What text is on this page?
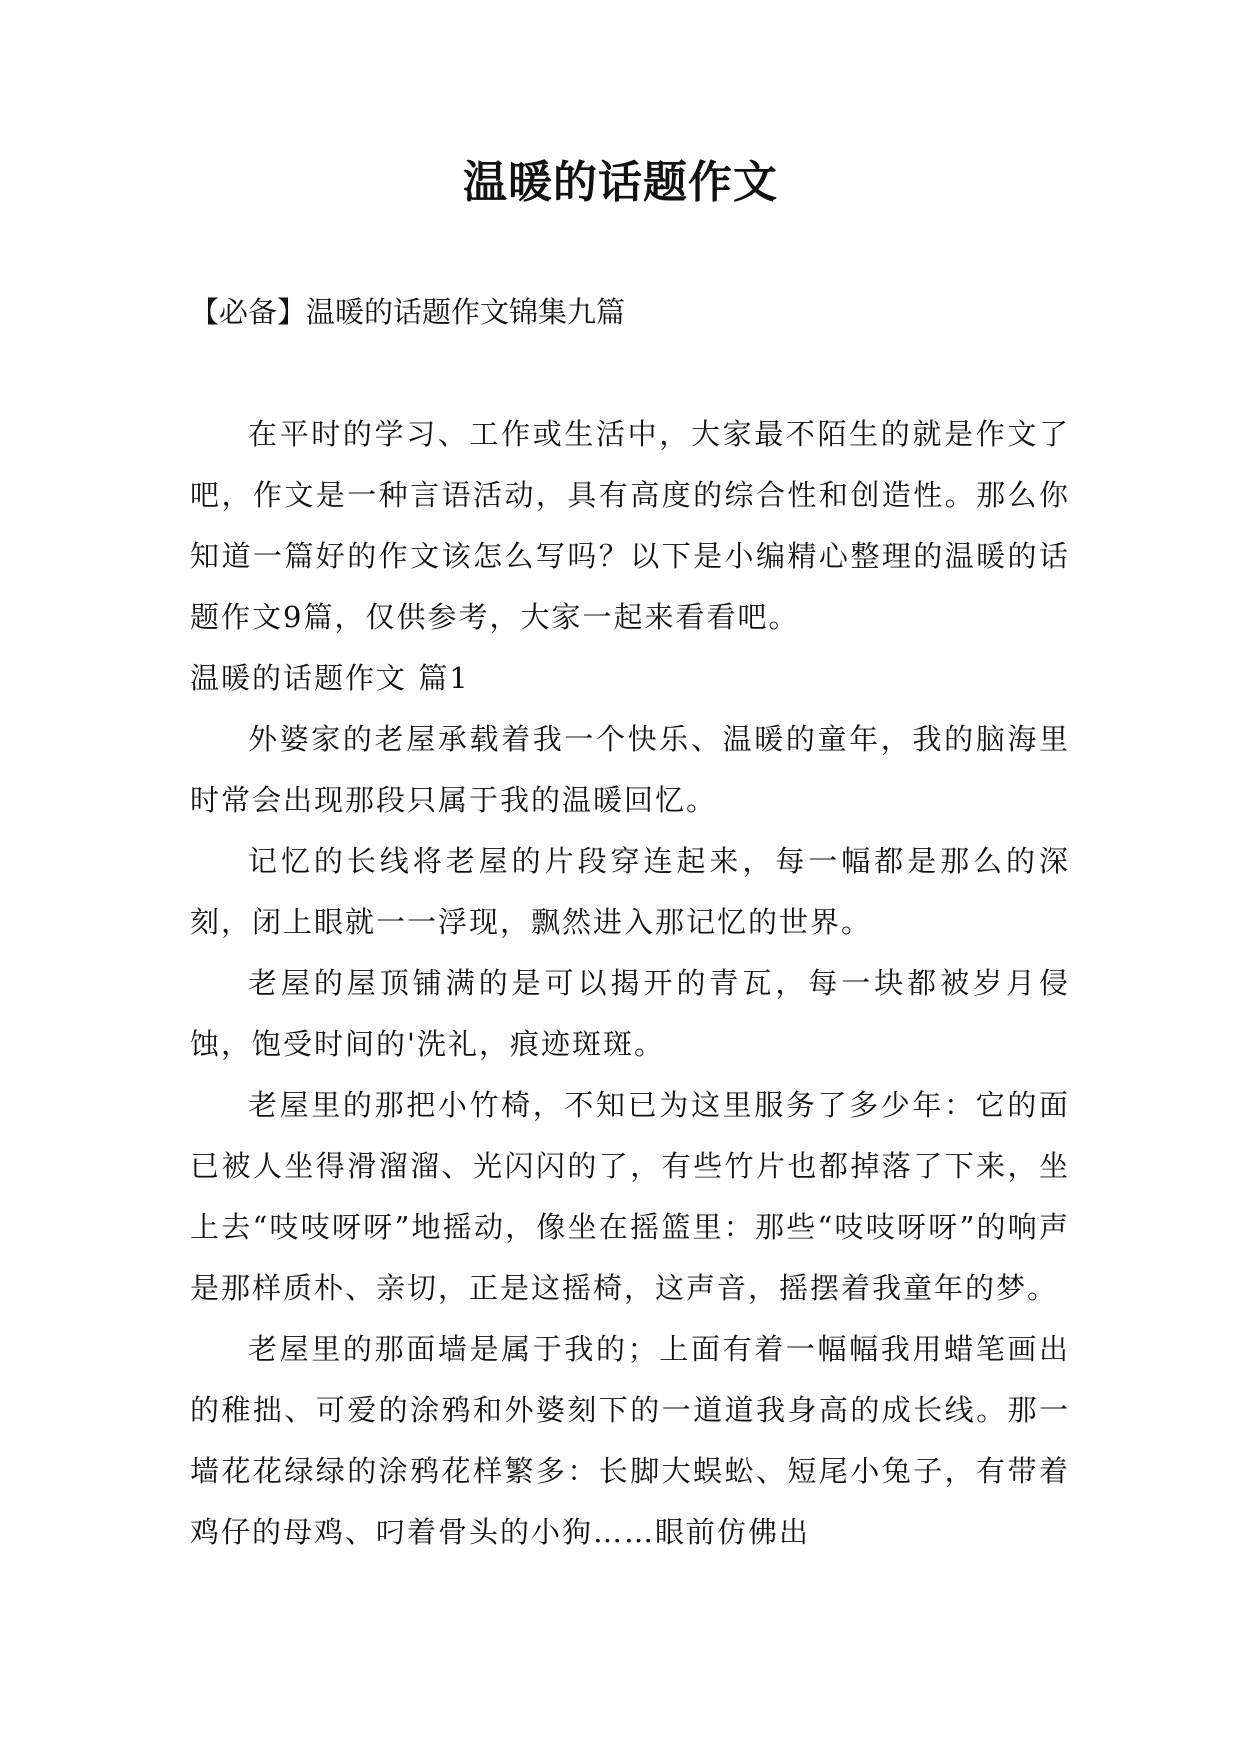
温暖的话题作文

【必备】温暖的话题作文锦集九篇

在平时的学习、工作或生活中，大家最不陌生的就是作文了吧，作文是一种言语活动，具有高度的综合性和创造性。那么你知道一篇好的作文该怎么写吗？以下是小编精心整理的温暖的话题作文9篇，仅供参考，大家一起来看看吧。

温暖的话题作文 篇1

外婆家的老屋承载着我一个快乐、温暖的童年，我的脑海里时常会出现那段只属于我的温暖回忆。

记忆的长线将老屋的片段穿连起来，每一幅都是那么的深刻，闭上眼就一一浮现，飘然进入那记忆的世界。

老屋的屋顶铺满的是可以揭开的青瓦，每一块都被岁月侵蚀，饱受时间的'洗礼，痕迹斑斑。

老屋里的那把小竹椅，不知已为这里服务了多少年：它的面已被人坐得滑溜溜、光闪闪的了，有些竹片也都掉落了下来，坐上去“吱吱呀呀”地摇动，像坐在摇篮里：那些“吱吱呀呀”的响声是那样质朴、亲切，正是这摇椅，这声音，摇摆着我童年的梦。

老屋里的那面墙是属于我的；上面有着一幅幅我用蜡笔画出的稚拙、可爱的涂鸦和外婆刻下的一道道我身高的成长线。那一墙花花绿绿的涂鸦花样繁多：长脚大蜈蚣、短尾小兔子，有带着鸡仔的母鸡、叼着骨头的小狗……眼前仿佛出
